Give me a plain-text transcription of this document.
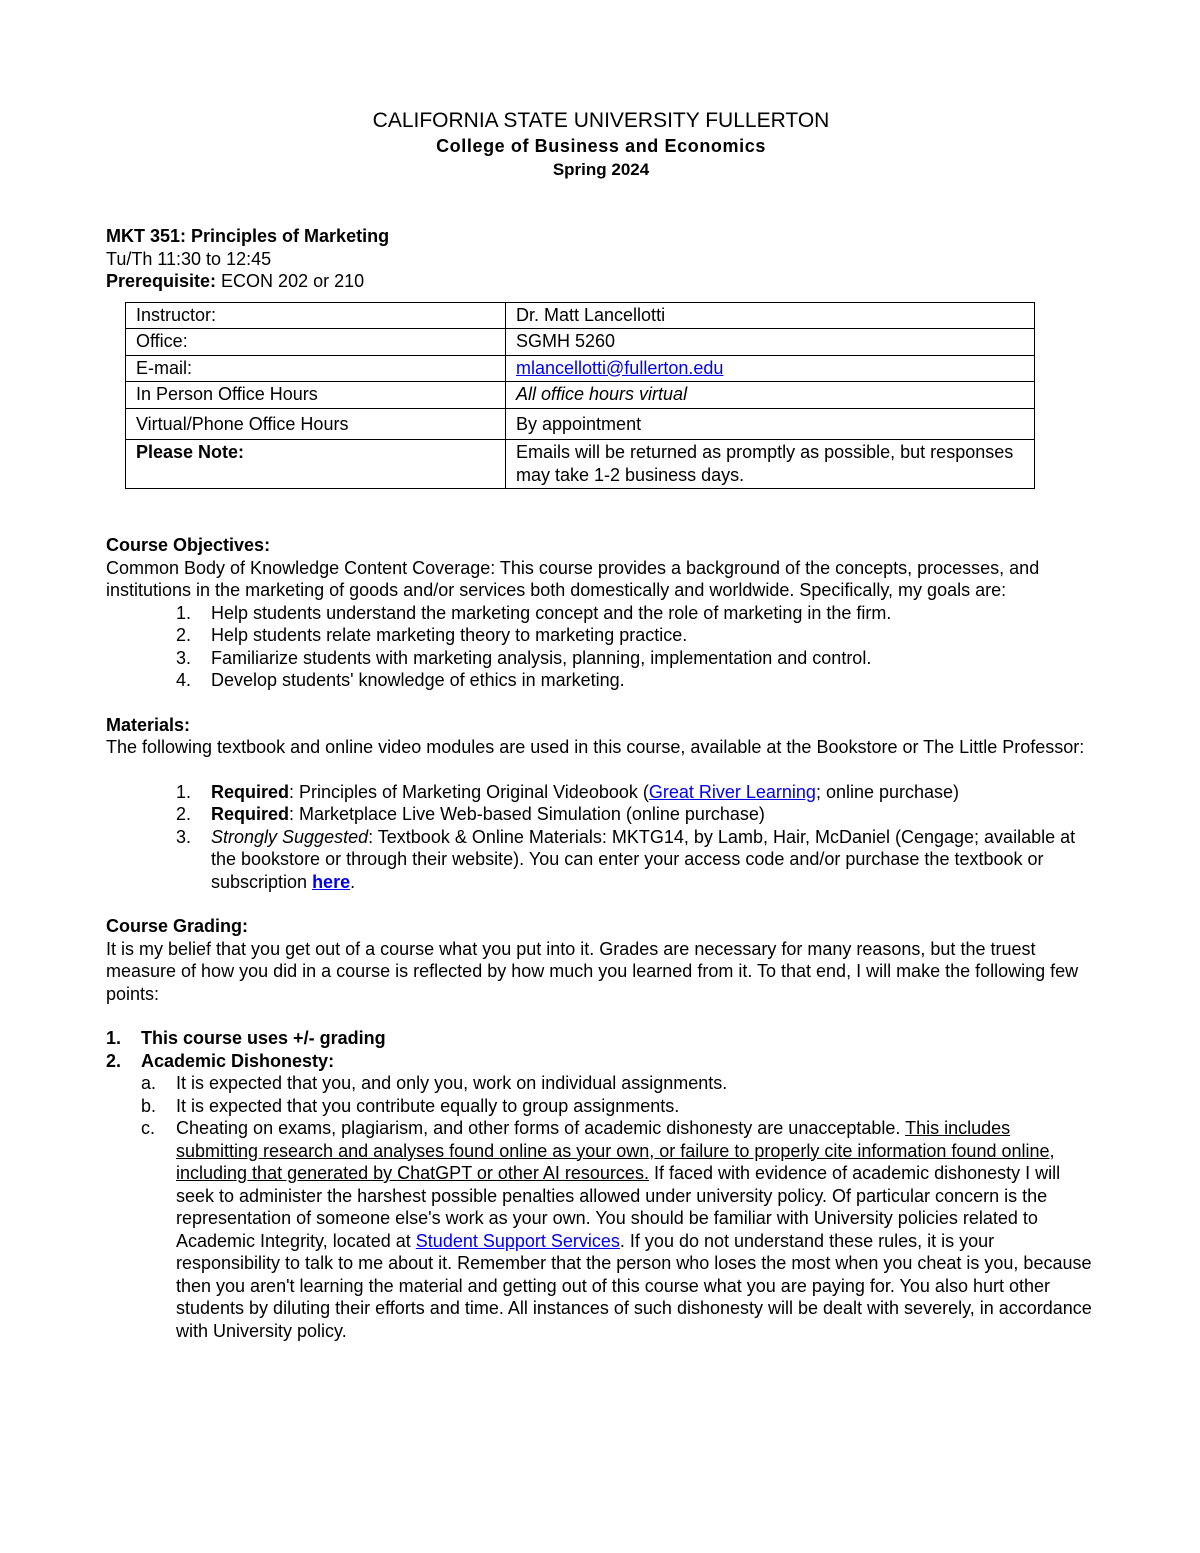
CALIFORNIA STATE UNIVERSITY FULLERTON
College of Business and Economics
Spring 2024

MKT 351: Principles of Marketing

Tu/Th 11:30 to 12:45

Prerequisite: ECON 202 or 210

Instructor:	Dr. Matt Lancellotti
Office:	SGMH 5260
E-mail:	mlancellotti@fullerton.edu
In Person Office Hours	All office hours virtual
Virtual/Phone Office Hours	By appointment
Please Note:	Emails will be returned as promptly as possible, but responses may take 1-2 business days.

Course Objectives:

Common Body of Knowledge Content Coverage: This course provides a background of the concepts, processes, and institutions in the marketing of goods and/or services both domestically and worldwide. Specifically, my goals are:

1. Help students understand the marketing concept and the role of marketing in the firm.
2. Help students relate marketing theory to marketing practice.
3. Familiarize students with marketing analysis, planning, implementation and control.
4. Develop students' knowledge of ethics in marketing.

Materials:

The following textbook and online video modules are used in this course, available at the Bookstore or The Little Professor:

1. Required: Principles of Marketing Original Videobook (Great River Learning; online purchase)
2. Required: Marketplace Live Web-based Simulation (online purchase)
3. Strongly Suggested: Textbook & Online Materials: MKTG14, by Lamb, Hair, McDaniel (Cengage; available at the bookstore or through their website). You can enter your access code and/or purchase the textbook or subscription here.

Course Grading:

It is my belief that you get out of a course what you put into it. Grades are necessary for many reasons, but the truest measure of how you did in a course is reflected by how much you learned from it. To that end, I will make the following few points:

1. This course uses +/- grading
2. Academic Dishonesty:
a. It is expected that you, and only you, work on individual assignments.
b. It is expected that you contribute equally to group assignments.
c. Cheating on exams, plagiarism, and other forms of academic dishonesty are unacceptable. This includes submitting research and analyses found online as your own, or failure to properly cite information found online, including that generated by ChatGPT or other AI resources. If faced with evidence of academic dishonesty I will seek to administer the harshest possible penalties allowed under university policy. Of particular concern is the representation of someone else's work as your own. You should be familiar with University policies related to Academic Integrity, located at Student Support Services. If you do not understand these rules, it is your responsibility to talk to me about it. Remember that the person who loses the most when you cheat is you, because then you aren't learning the material and getting out of this course what you are paying for. You also hurt other students by diluting their efforts and time. All instances of such dishonesty will be dealt with severely, in accordance with University policy.
